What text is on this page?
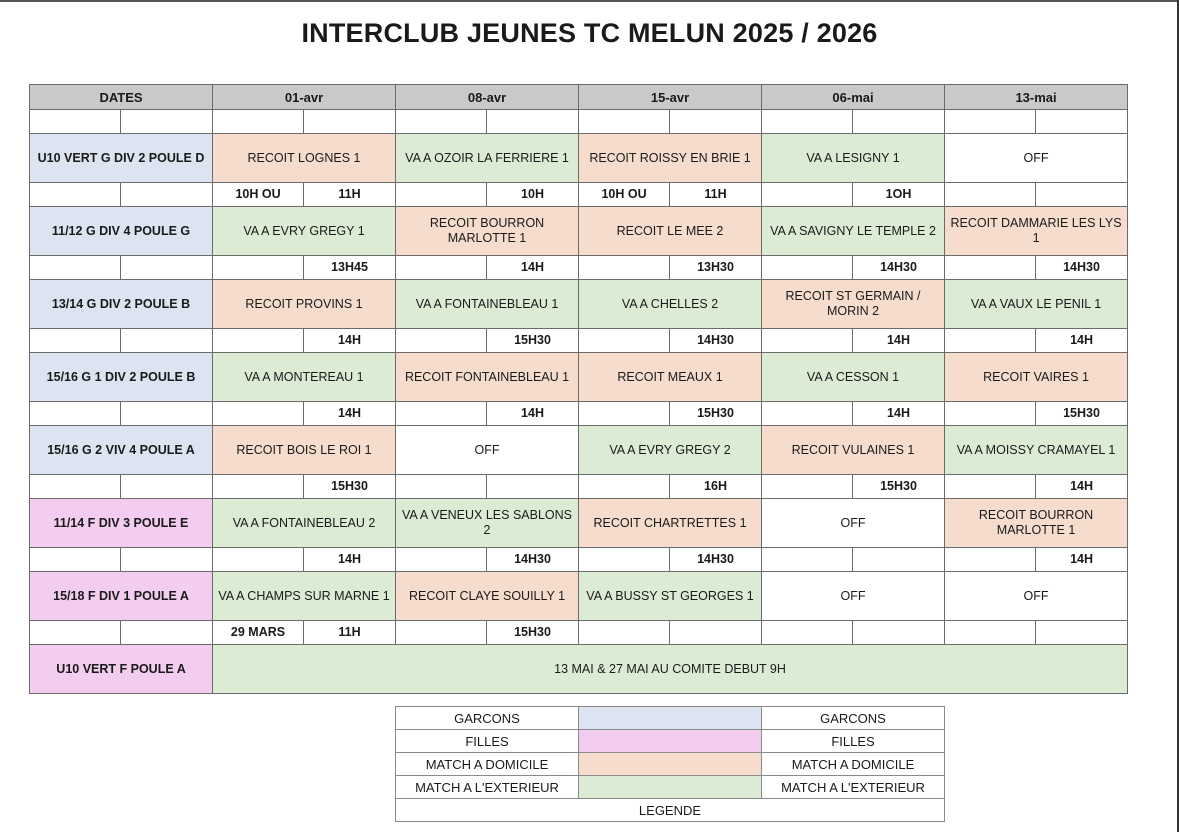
INTERCLUB JEUNES TC MELUN 2025 / 2026
DATES		01-avr		08-avr		15-avr		06-mai		13-mai	

U10 VERT G DIV 2 POULE D		RECOIT LOGNES 1		VA A OZOIR LA FERRIERE 1		RECOIT ROISSY EN BRIE 1		VA A LESIGNY 1		OFF	
		10H OU	11H		10H	10H OU	11H		1OH		
11/12 G DIV 4 POULE G		VA A EVRY GREGY 1		RECOIT BOURRON MARLOTTE 1		RECOIT LE MEE 2		VA A SAVIGNY LE TEMPLE 2		RECOIT DAMMARIE LES LYS 1	
			13H45		14H		13H30		14H30		14H30
13/14 G DIV 2 POULE B		RECOIT PROVINS 1		VA A FONTAINEBLEAU 1		VA A CHELLES 2		RECOIT ST GERMAIN / MORIN 2		VA A VAUX LE PENIL 1	
			14H		15H30		14H30		14H		14H
15/16 G 1 DIV 2 POULE B		VA A MONTEREAU 1		RECOIT FONTAINEBLEAU 1		RECOIT MEAUX 1		VA A CESSON 1		RECOIT VAIRES 1	
			14H		14H		15H30		14H		15H30
15/16 G 2 VIV 4 POULE A		RECOIT BOIS LE ROI 1		OFF		VA A EVRY GREGY 2		RECOIT VULAINES 1		VA A MOISSY CRAMAYEL 1	
			15H30				16H		15H30		14H
11/14 F DIV 3 POULE E		VA A FONTAINEBLEAU 2		VA A VENEUX LES SABLONS 2		RECOIT CHARTRETTES 1		OFF		RECOIT BOURRON MARLOTTE 1	
			14H		14H30		14H30				14H
15/18 F DIV 1 POULE A		VA A CHAMPS SUR MARNE 1		RECOIT CLAYE SOUILLY 1		VA A BUSSY ST GEORGES 1		OFF		OFF	
		29 MARS	11H		15H30						
U10 VERT F POULE A		13 MAI & 27 MAI AU COMITE DEBUT 9H									
GARCONS		GARCONS
FILLES		FILLES
MATCH A DOMICILE		MATCH A DOMICILE
MATCH A L'EXTERIEUR		MATCH A L'EXTERIEUR
LEGENDE		
